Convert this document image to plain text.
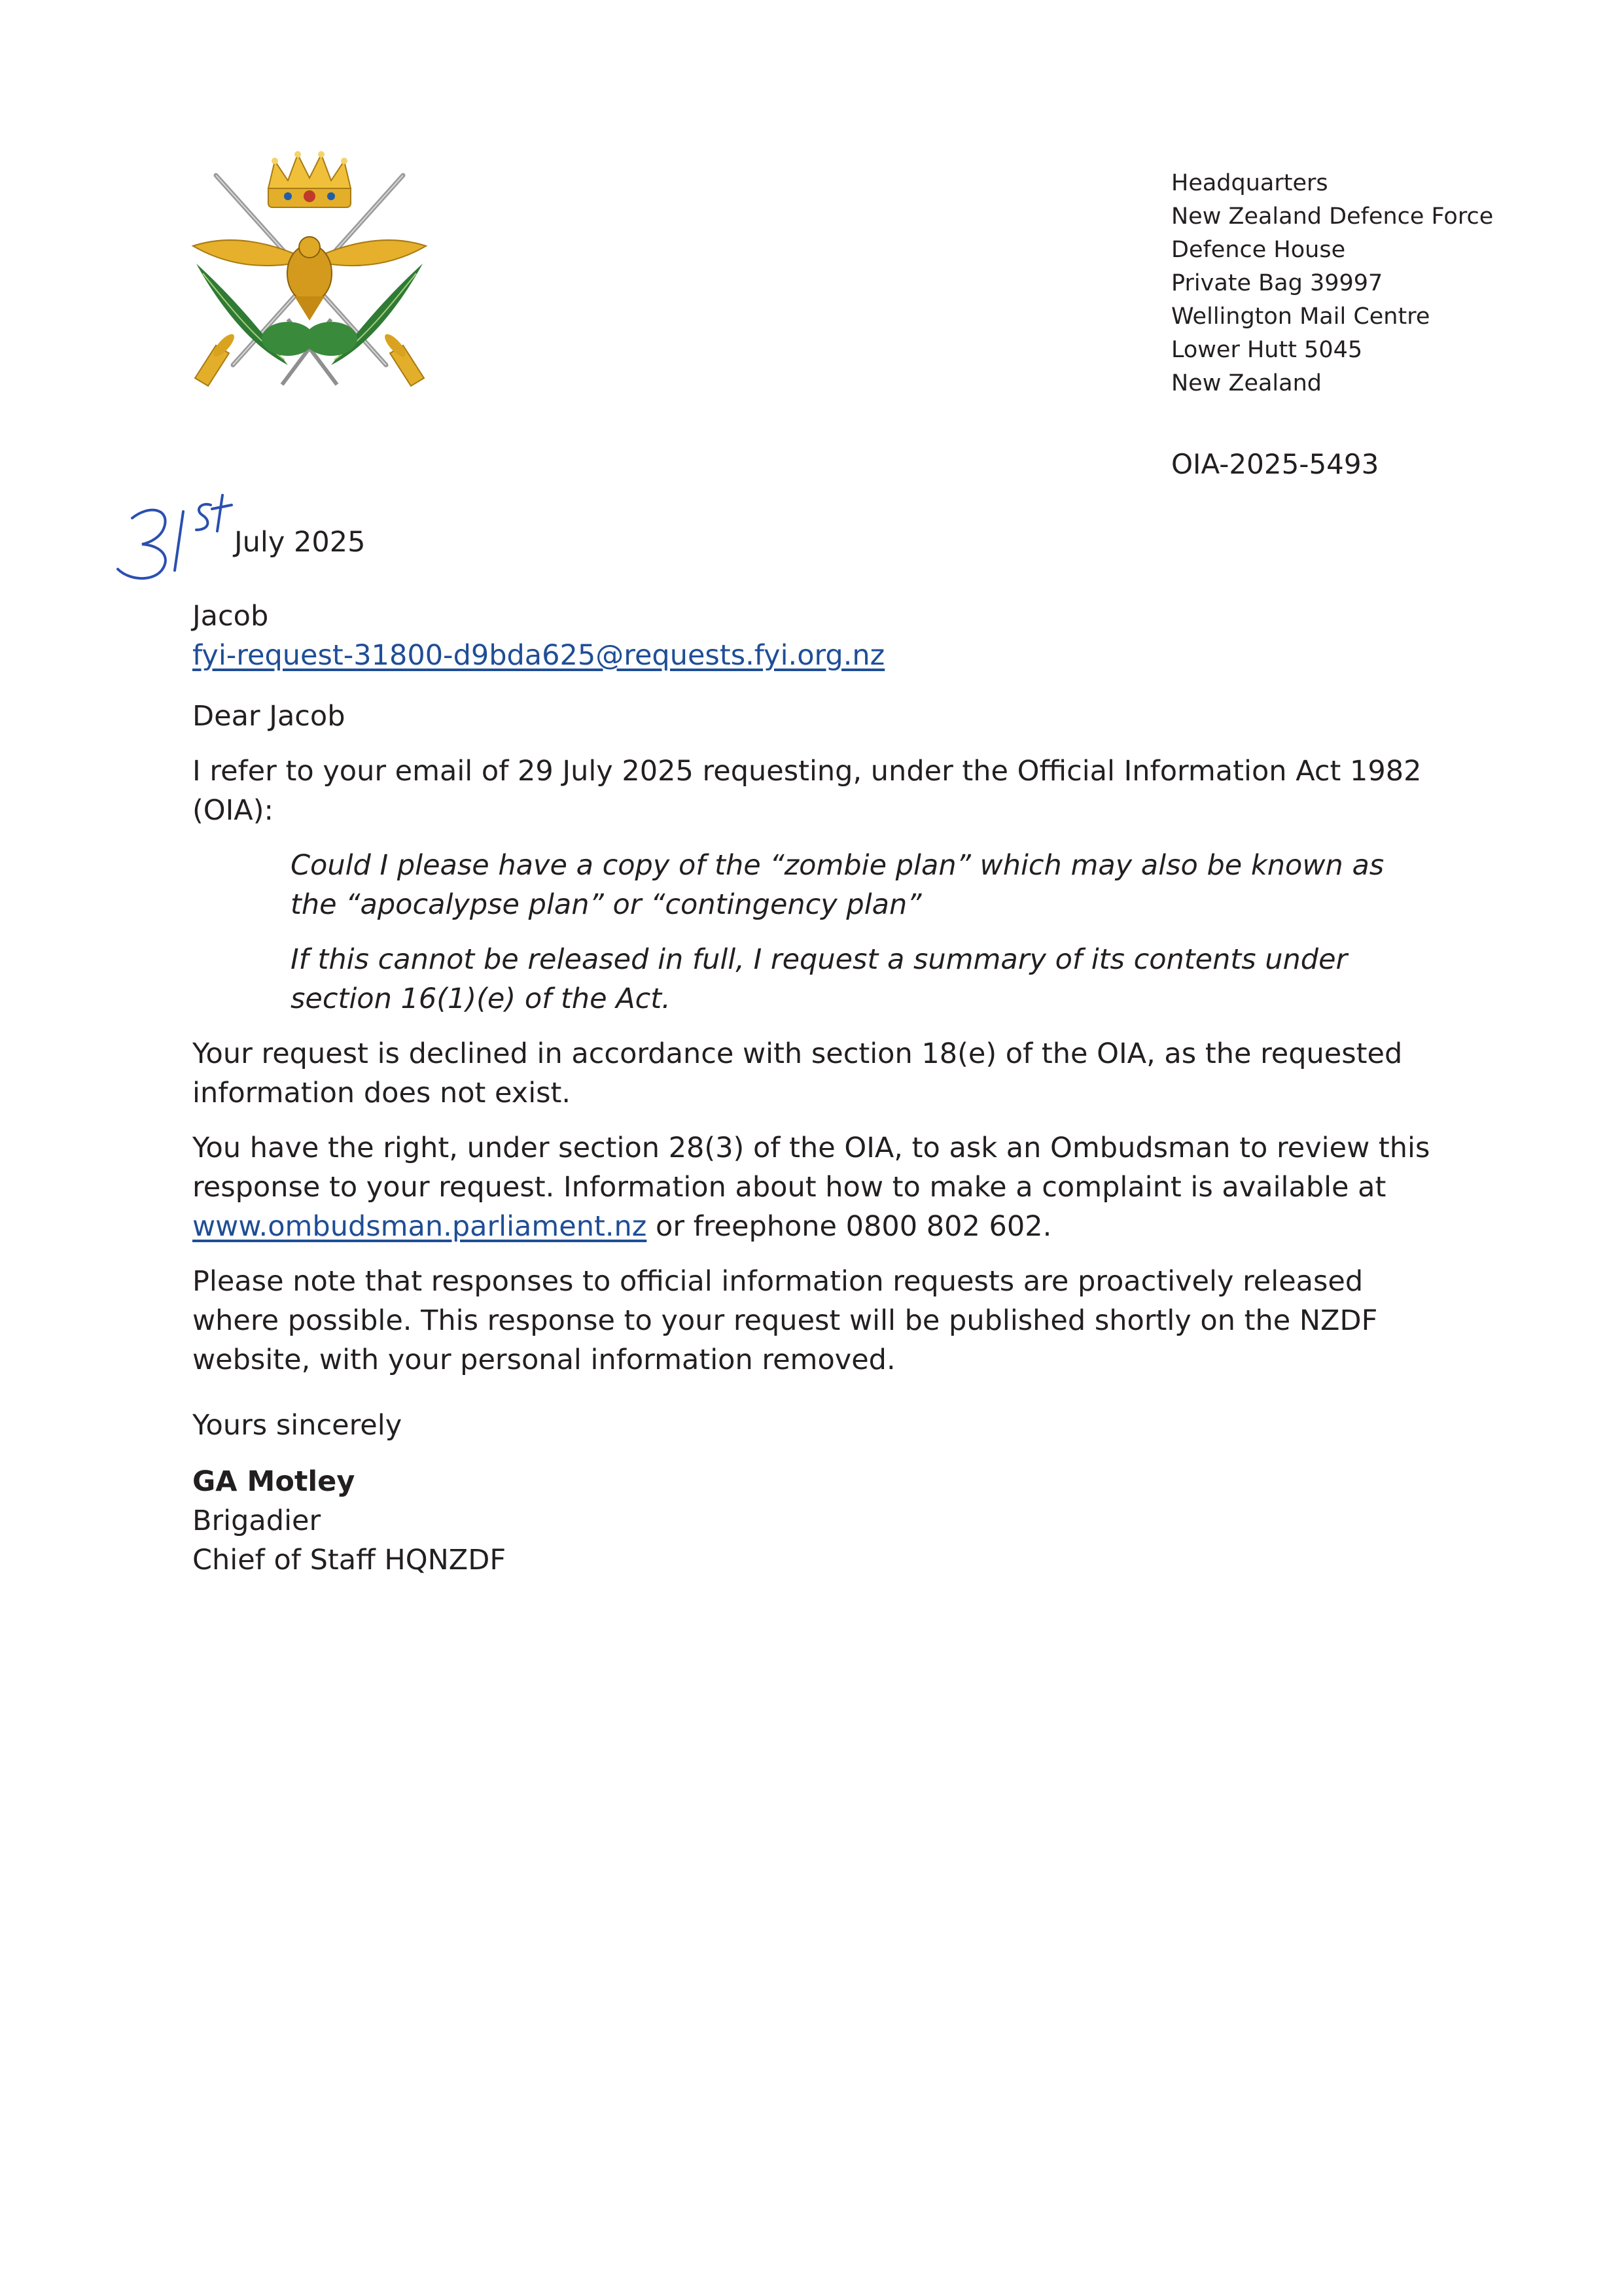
Headquarters
New Zealand Defence Force
Defence House
Private Bag 39997
Wellington Mail Centre
Lower Hutt 5045
New Zealand
OIA-2025-5493
July 2025

Jacob

fyi-request-31800-d9bda625@requests.fyi.org.nz

Dear Jacob

I refer to your email of 29 July 2025 requesting, under the Official Information Act 1982 (OIA):

Could I please have a copy of the “zombie plan” which may also be known as the “apocalypse plan” or “contingency plan”

If this cannot be released in full, I request a summary of its contents under section 16(1)(e) of the Act.

Your request is declined in accordance with section 18(e) of the OIA, as the requested information does not exist.

You have the right, under section 28(3) of the OIA, to ask an Ombudsman to review this response to your request. Information about how to make a complaint is available at
www.ombudsman.parliament.nz or freephone 0800 802 602.

Please note that responses to official information requests are proactively released where possible. This response to your request will be published shortly on the NZDF website, with your personal information removed.

Yours sincerely

GA Motley

Brigadier

Chief of Staff HQNZDF
